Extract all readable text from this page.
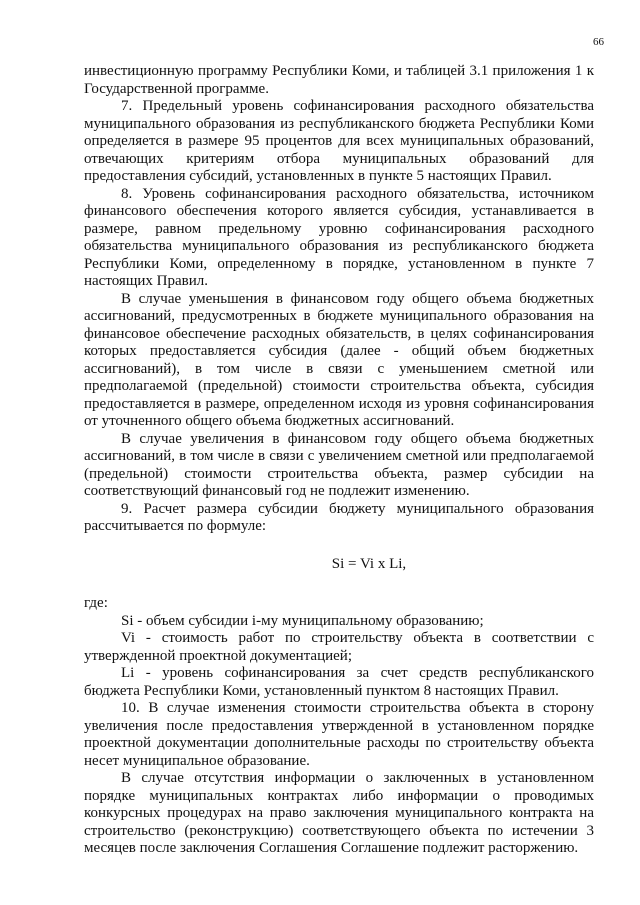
66

инвестиционную программу Республики Коми, и таблицей 3.1 приложения 1 к Государственной программе.

7. Предельный уровень софинансирования расходного обязательства муниципального образования из республиканского бюджета Республики Коми определяется в размере 95 процентов для всех муниципальных образований, отвечающих критериям отбора муниципальных образований для предоставления субсидий, установленных в пункте 5 настоящих Правил.

8. Уровень софинансирования расходного обязательства, источником финансового обеспечения которого является субсидия, устанавливается в размере, равном предельному уровню софинансирования расходного обязательства муниципального образования из республиканского бюджета Республики Коми, определенному в порядке, установленном в пункте 7 настоящих Правил.

В случае уменьшения в финансовом году общего объема бюджетных ассигнований, предусмотренных в бюджете муниципального образования на финансовое обеспечение расходных обязательств, в целях софинансирования которых предоставляется субсидия (далее - общий объем бюджетных ассигнований), в том числе в связи с уменьшением сметной или предполагаемой (предельной) стоимости строительства объекта, субсидия предоставляется в размере, определенном исходя из уровня софинансирования от уточненного общего объема бюджетных ассигнований.

В случае увеличения в финансовом году общего объема бюджетных ассигнований, в том числе в связи с увеличением сметной или предполагаемой (предельной) стоимости строительства объекта, размер субсидии на соответствующий финансовый год не подлежит изменению.

9. Расчет размера субсидии бюджету муниципального образования рассчитывается по формуле:

Si = Vi x Li,

где:

Si - объем субсидии i-му муниципальному образованию;

Vi - стоимость работ по строительству объекта в соответствии с утвержденной проектной документацией;

Li - уровень софинансирования за счет средств республиканского бюджета Республики Коми, установленный пунктом 8 настоящих Правил.

10. В случае изменения стоимости строительства объекта в сторону увеличения после предоставления утвержденной в установленном порядке проектной документации дополнительные расходы по строительству объекта несет муниципальное образование.

В случае отсутствия информации о заключенных в установленном порядке муниципальных контрактах либо информации о проводимых конкурсных процедурах на право заключения муниципального контракта на строительство (реконструкцию) соответствующего объекта по истечении 3 месяцев после заключения Соглашения Соглашение подлежит расторжению.
